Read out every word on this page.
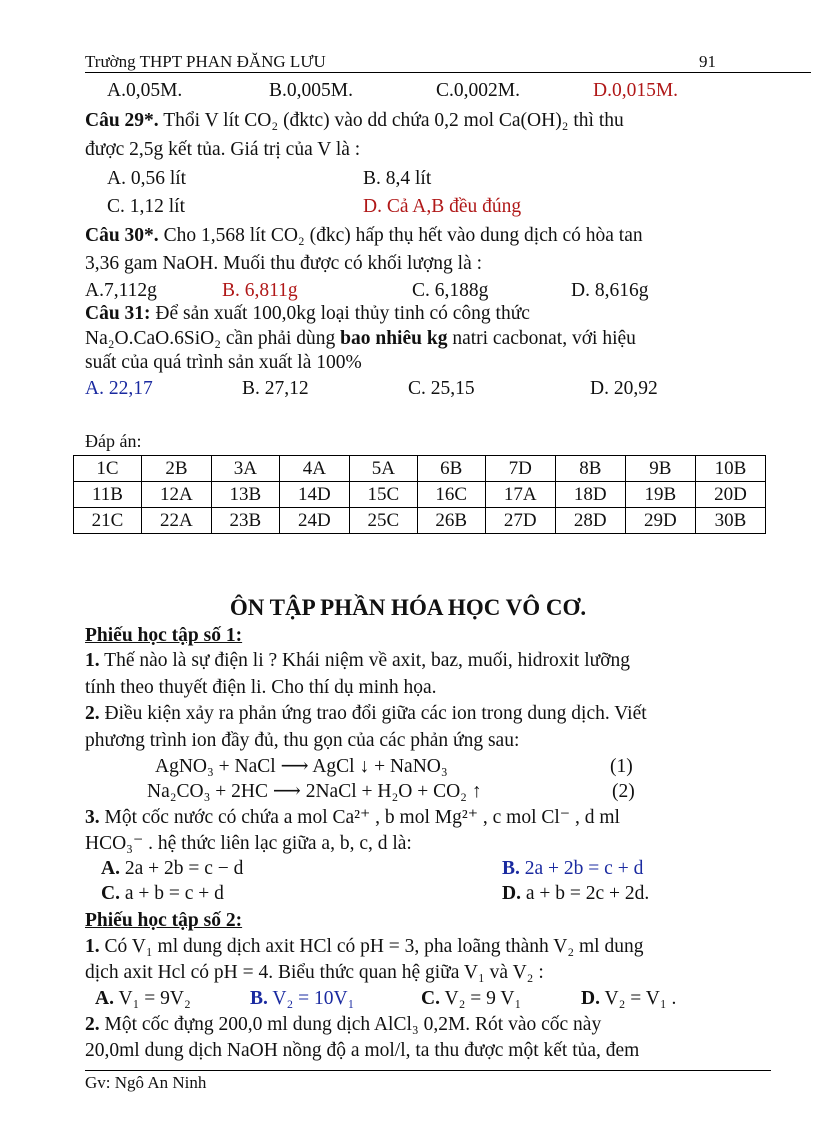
Trường THPT PHAN ĐĂNG LƯU	91
A.0,05M.	B.0,005M.	C.0,002M.	D.0,015M.
Câu 29*. Thổi V lít CO₂ (đktc) vào dd chứa 0,2 mol Ca(OH)₂ thì thu
được 2,5g kết tủa. Giá trị của V là :
A. 0,56 lít	B. 8,4 lít
C. 1,12 lít	D. Cả A,B đều đúng
Câu 30*. Cho 1,568 lít CO₂ (đkc) hấp thụ hết vào dung dịch có hòa tan
3,36 gam NaOH. Muối thu được có khối lượng là :
A.7,112g	B. 6,811g	C. 6,188g	D. 8,616g
Câu 31: Để sản xuất 100,0kg loại thủy tinh có công thức
Na₂O.CaO.6SiO₂ cần phải dùng bao nhiêu kg natri cacbonat, với hiệu
suất của quá trình sản xuất là 100%
A. 22,17	B. 27,12	C. 25,15	D. 20,92
Đáp án:
1C	2B	3A	4A	5A	6B	7D	8B	9B	10B
11B	12A	13B	14D	15C	16C	17A	18D	19B	20D
21C	22A	23B	24D	25C	26B	27D	28D	29D	30B
ÔN TẬP PHẦN HÓA HỌC VÔ CƠ.
Phiếu học tập số 1:
1. Thế nào là sự điện li ? Khái niệm về axit, baz, muối, hidroxit lưỡng
tính theo thuyết điện li. Cho thí dụ minh họa.
2. Điều kiện xảy ra phản ứng trao đổi giữa các ion trong dung dịch. Viết
phương trình ion đầy đủ, thu gọn của các phản ứng sau:
AgNO₃ + NaCl ⟶ AgCl ↓ + NaNO₃	(1)
Na₂CO₃ + 2HC ⟶ 2NaCl + H₂O + CO₂ ↑	(2)
3. Một cốc nước có chứa a mol Ca²⁺ , b mol Mg²⁺ , c mol Cl⁻ , d ml
HCO₃⁻ . hệ thức liên lạc giữa a, b, c, d là:
A. 2a + 2b = c − d	B. 2a + 2b = c + d
C. a + b = c + d	D. a + b = 2c + 2d.
Phiếu học tập số 2:
1. Có V₁ ml dung dịch axit HCl có pH = 3, pha loãng thành V₂ ml dung
dịch axit Hcl có pH = 4. Biểu thức quan hệ giữa V₁ và V₂ :
A. V₁ = 9V₂	B. V₂ = 10V₁	C. V₂ = 9 V₁	D. V₂ = V₁ .
2. Một cốc đựng 200,0 ml dung dịch AlCl₃ 0,2M. Rót vào cốc này
20,0ml dung dịch NaOH nồng độ a mol/l, ta thu được một kết tủa, đem
Gv: Ngô An Ninh
